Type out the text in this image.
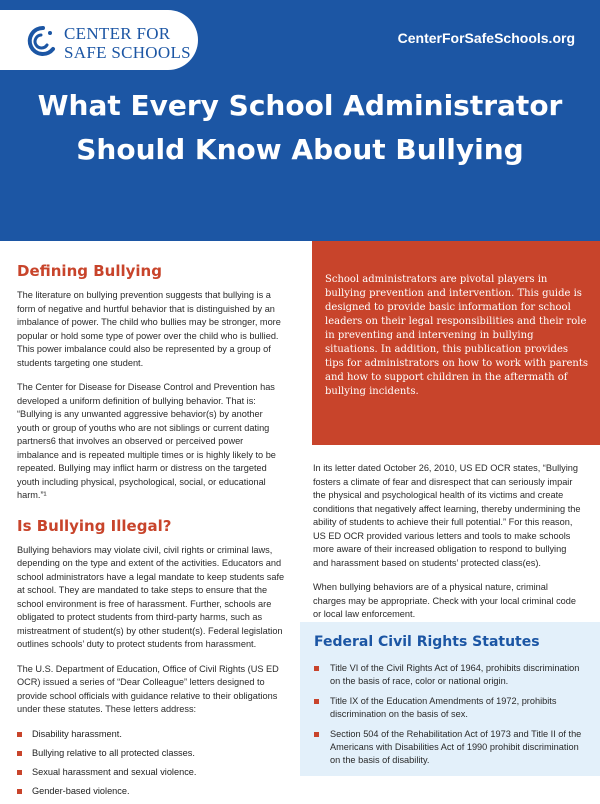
CENTER FOR
SAFE SCHOOLS
CenterForSafeSchools.org
What Every School Administrator Should Know About Bullying
Defining Bullying

The literature on bullying prevention suggests that bullying is a form of negative and hurtful behavior that is distinguished by an imbalance of power. The child who bullies may be stronger, more popular or hold some type of power over the child who is bullied. This power imbalance could also be represented by a group of students targeting one student.

The Center for Disease for Disease Control and Prevention has developed a uniform definition of bullying behavior. That is: “Bullying is any unwanted aggressive behavior(s) by another youth or group of youths who are not siblings or current dating partners6 that involves an observed or perceived power imbalance and is repeated multiple times or is highly likely to be repeated. Bullying may inflict harm or distress on the targeted youth including physical, psychological, social, or educational harm.”¹

Is Bullying Illegal?

Bullying behaviors may violate civil, civil rights or criminal laws, depending on the type and extent of the activities. Educators and school administrators have a legal mandate to keep students safe at school. They are mandated to take steps to ensure that the school environment is free of harassment. Further, schools are obligated to protect students from third-party harms, such as mistreatment of student(s) by other student(s). Federal legislation outlines schools’ duty to protect students from harassment.

The U.S. Department of Education, Office of Civil Rights (US ED OCR) issued a series of “Dear Colleague” letters designed to provide school officials with guidance relative to their obligations under these statutes. These letters address:

Disability harassment.
Bullying relative to all protected classes.
Sexual harassment and sexual violence.
Gender-based violence.

School administrators are pivotal players in bullying prevention and intervention. This guide is designed to provide basic information for school leaders on their legal responsibilities and their role in preventing and intervening in bullying situations. In addition, this publication provides tips for administrators on how to work with parents and how to support children in the aftermath of bullying incidents.

In its letter dated October 26, 2010, US ED OCR states, “Bullying fosters a climate of fear and disrespect that can seriously impair the physical and psychological health of its victims and create conditions that negatively affect learning, thereby undermining the ability of students to achieve their full potential.” For this reason, US ED OCR provided various letters and tools to make schools more aware of their increased obligation to respond to bullying and harassment based on students’ protected class(es).

When bullying behaviors are of a physical nature, criminal charges may be appropriate. Check with your local criminal code or local law enforcement.

Federal Civil Rights Statutes
Title VI of the Civil Rights Act of 1964, prohibits discrimination on the basis of race, color or national origin.
Title IX of the Education Amendments of 1972, prohibits discrimination on the basis of sex.
Section 504 of the Rehabilitation Act of 1973 and Title II of the Americans with Disabilities Act of 1990 prohibit discrimination on the basis of disability.
